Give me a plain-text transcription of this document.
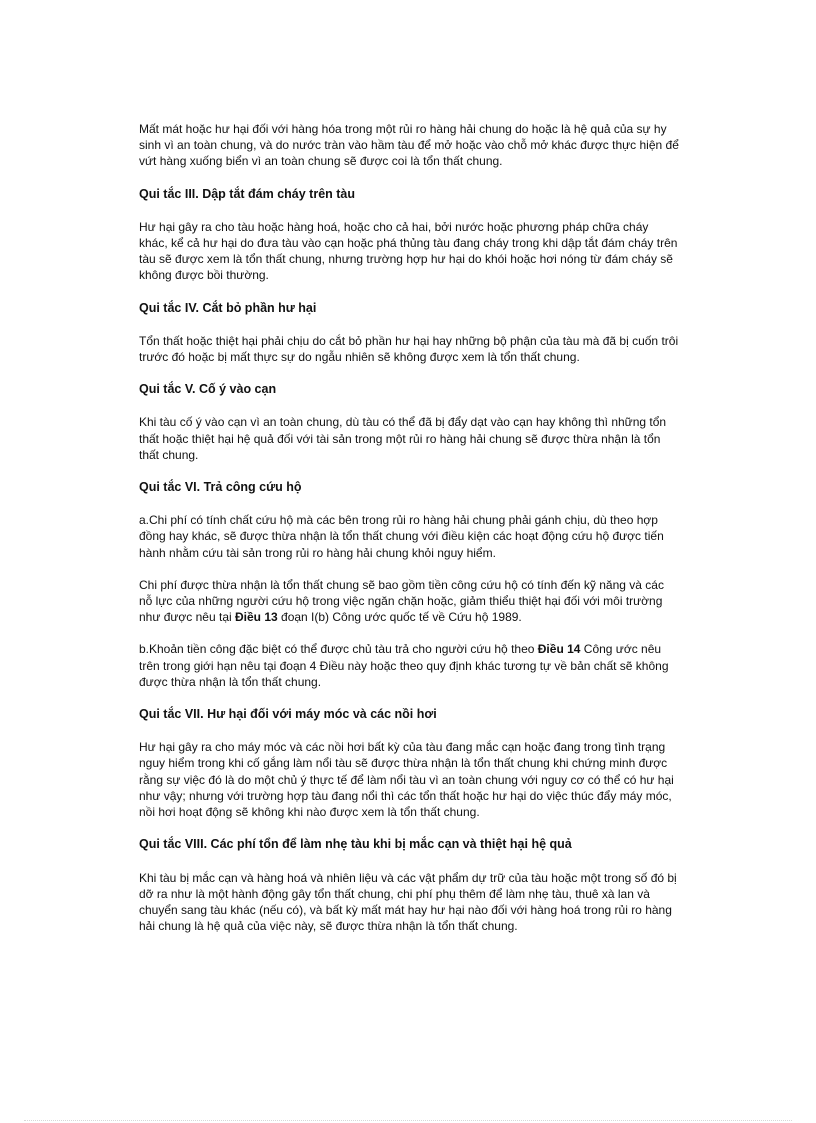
Mất mát hoặc hư hại đối với hàng hóa trong một rủi ro hàng hải chung do hoặc là hệ quả của sự hy sinh vì an toàn chung, và do nước tràn vào hầm tàu để mở hoặc vào chỗ mở khác được thực hiện để vứt hàng xuống biển vì an toàn chung sẽ được coi là tổn thất chung.

Qui tắc III. Dập tắt đám cháy trên tàu

Hư hại gây ra cho tàu hoặc hàng hoá, hoặc cho cả hai, bởi nước hoặc phương pháp chữa cháy khác, kể cả hư hại do đưa tàu vào cạn hoặc phá thủng tàu đang cháy trong khi dập tắt đám cháy trên tàu sẽ được xem là tổn thất chung, nhưng trường hợp hư hại do khói hoặc hơi nóng từ đám cháy sẽ không được bồi thường.

Qui tắc IV. Cắt bỏ phần hư hại

Tổn thất hoặc thiệt hại phải chịu do cắt bỏ phần hư hại hay những bộ phận của tàu mà đã bị cuốn trôi trước đó hoặc bị mất thực sự do ngẫu nhiên sẽ không được xem là tổn thất chung.

Qui tắc V. Cố ý vào cạn

Khi tàu cố ý vào cạn vì an toàn chung, dù tàu có thể đã bị đẩy dạt vào cạn hay không thì những tổn thất hoặc thiệt hại hệ quả đối với tài sản trong một rủi ro hàng hải chung sẽ được thừa nhận là tổn thất chung.

Qui tắc VI. Trả công cứu hộ

a.Chi phí có tính chất cứu hộ mà các bên trong rủi ro hàng hải chung phải gánh chịu, dù theo hợp đồng hay khác, sẽ được thừa nhận là tổn thất chung với điều kiện các hoạt động cứu hộ được tiến hành nhằm cứu tài sản trong rủi ro hàng hải chung khỏi nguy hiểm.

Chi phí được thừa nhận là tổn thất chung sẽ bao gồm tiền công cứu hộ có tính đến kỹ năng và các nỗ lực của những người cứu hộ trong việc ngăn chặn hoặc, giảm thiểu thiệt hại đối với môi trường như được nêu tại Điều 13 đoạn I(b) Công ước quốc tế về Cứu hộ 1989.

b.Khoản tiền công đặc biệt có thể được chủ tàu trả cho người cứu hộ theo Điều 14 Công ước nêu trên trong giới hạn nêu tại đoạn 4 Điều này hoặc theo quy định khác tương tự về bản chất sẽ không được thừa nhận là tổn thất chung.

Qui tắc VII. Hư hại đối với máy móc và các nồi hơi

Hư hại gây ra cho máy móc và các nồi hơi bất kỳ của tàu đang mắc cạn hoặc đang trong tình trạng nguy hiểm trong khi cố gắng làm nổi tàu sẽ được thừa nhận là tổn thất chung khi chứng minh được rằng sự việc đó là do một chủ ý thực tế để làm nổi tàu vì an toàn chung với nguy cơ có thể có hư hại như vậy; nhưng với trường hợp tàu đang nổi thì các tổn thất hoặc hư hại do việc thúc đẩy máy móc, nồi hơi hoạt động sẽ không khi nào được xem là tổn thất chung.

Qui tắc VIII. Các phí tổn để làm nhẹ tàu khi bị mắc cạn và thiệt hại hệ quả

Khi tàu bị mắc cạn và hàng hoá và nhiên liệu và các vật phẩm dự trữ của tàu hoặc một trong số đó bị dỡ ra như là một hành động gây tổn thất chung, chi phí phụ thêm để làm nhẹ tàu, thuê xà lan và chuyển sang tàu khác (nếu có), và bất kỳ mất mát hay hư hại nào đối với hàng hoá trong rủi ro hàng hải chung là hệ quả của việc này, sẽ được thừa nhận là tổn thất chung.
